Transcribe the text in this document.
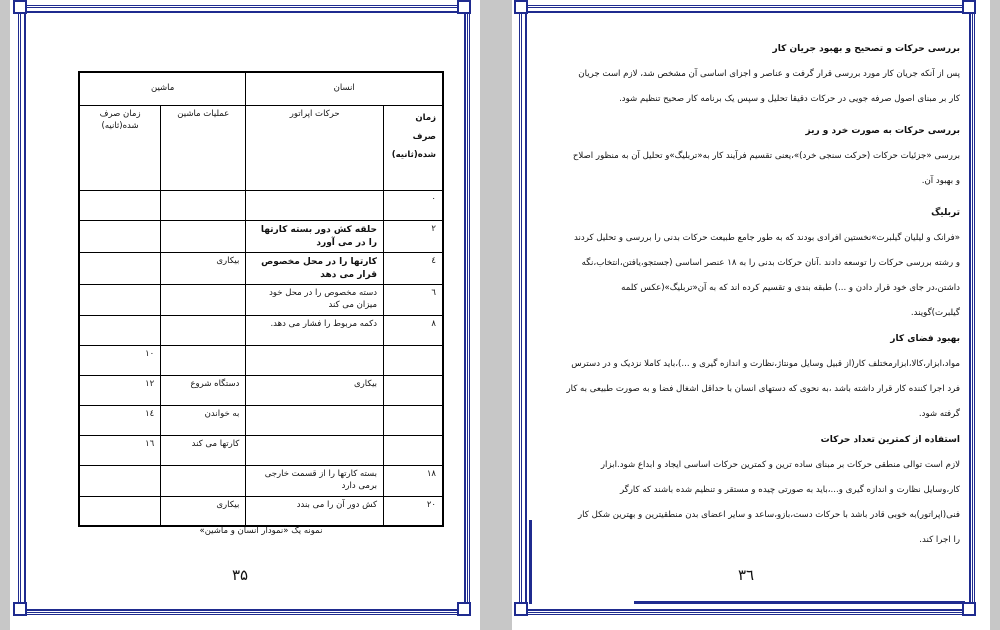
انسان		ماشین	
زمان صرف شده(ثانیه)	حرکات اپراتور	عملیات ماشین	زمان صرف شده(ثانیه)
۰			
۲	حلقه کش دور بسته کارتها را در می آورد		
٤	کارتها را در محل مخصوص قرار می دهد	بیکاری	
٦	دسته مخصوص را در محل خود میزان می کند		
۸	دکمه مربوط را فشار می دهد.		
			۱۰
	بیکاری	دستگاه شروع	۱۲
		به خواندن	١٤
		کارتها می کند	١٦
۱۸	بسته کارتها را از قسمت خارجی برمی دارد		
۲۰	کش دور آن را می بندد	بیکاری	
نمونه یک «نمودار انسان و ماشین»
۳۵
بررسی حرکات و تصحیح و بهبود جریان کار
پس از آنکه جریان کار مورد بررسی قرار گرفت و عناصر و اجزای اساسی آن مشخص شد، لازم است جریان
کار بر مبنای اصول صرفه جویی در حرکات دقیقا تحلیل و سپس یک برنامه کار صحیح تنظیم شود.
بررسی حرکات به صورت خرد و ریز
بررسی «جزئیات حرکات (حرکت سنجی خرد)»،یعنی تقسیم فرآیند کار به«تربلیگ»و تحلیل آن به منظور اصلاح
و بهبود آن.
تربلیگ
«فرانک و لیلیان گیلبرت»نخستین افرادی بودند که به طور جامع طبیعت حرکات بدنی را بررسی و تحلیل کردند
و رشته بررسی حرکات را توسعه دادند .آنان حرکات بدنی را به ۱۸ عنصر اساسی (جستجو،یافتن،انتخاب،نگه
داشتن،در جای خود قرار دادن و ...) طبقه بندی و تقسیم کرده اند که به آن«تربلیگ»(عکس کلمه
گیلبرت)گویند.
بهبود فضای کار
مواد،ابزار،کالا،ابزارمختلف کار(از قبیل وسایل مونتاژ،نظارت و اندازه گیری و ...)،باید کاملا نزدیک و در دسترس
فرد اجرا کننده کار قرار داشته باشد ،به نحوی که دستهای انسان با حداقل اشغال فضا و به صورت طبیعی به کار
گرفته شود.
استفاده از کمترین تعداد حرکات
لازم است توالی منطقی حرکات بر مبنای ساده ترین و کمترین حرکات اساسی ایجاد و ابداع شود.ابزار
کار،وسایل نظارت و اندازه گیری و...،باید به صورتی چیده و مستقر و تنظیم شده باشند که کارگر
فنی(اپراتور)به خوبی قادر باشد با حرکات دست،بازو،ساعد و سایر اعضای بدن منطقیترین و بهترین شکل کار
را اجرا کند.
۳٦
